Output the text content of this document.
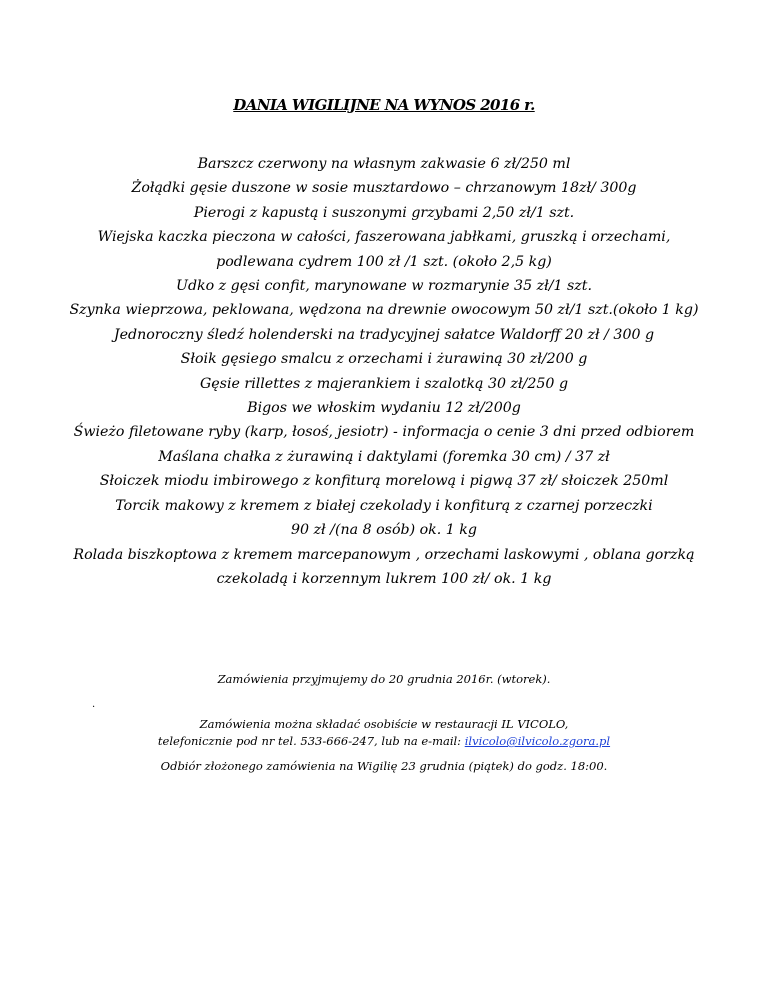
DANIA WIGILIJNE NA WYNOS 2016 r.

Barszcz czerwony na własnym zakwasie 6 zł/250 ml

Żołądki gęsie duszone w sosie musztardowo – chrzanowym 18zł/ 300g

Pierogi z kapustą i suszonymi grzybami 2,50 zł/1 szt.

Wiejska kaczka pieczona w całości, faszerowana jabłkami, gruszką i orzechami,

podlewana cydrem 100 zł /1 szt. (około 2,5 kg)

Udko z gęsi confit, marynowane w rozmarynie 35 zł/1 szt.

Szynka wieprzowa, peklowana, wędzona na drewnie owocowym 50 zł/1 szt.(około 1 kg)

Jednoroczny śledź holenderski na tradycyjnej sałatce Waldorff 20 zł / 300 g

Słoik gęsiego smalcu z orzechami i żurawiną 30 zł/200 g

Gęsie rillettes z majerankiem i szalotką 30 zł/250 g

Bigos we włoskim wydaniu 12 zł/200g

Świeżo filetowane ryby (karp, łosoś, jesiotr) - informacja o cenie 3 dni przed odbiorem

Maślana chałka z żurawiną i daktylami (foremka 30 cm) / 37 zł

Słoiczek miodu imbirowego z konfiturą morelową i pigwą 37 zł/ słoiczek 250ml

Torcik makowy z kremem z białej czekolady i konfiturą z czarnej porzeczki

90 zł /(na 8 osób) ok. 1 kg

Rolada biszkoptowa z kremem marcepanowym , orzechami laskowymi , oblana gorzką

czekoladą i korzennym lukrem 100 zł/ ok. 1 kg

Zamówienia przyjmujemy do 20 grudnia 2016r. (wtorek).
.
Zamówienia można składać osobiście w restauracji IL VICOLO,
telefonicznie pod nr tel. 533-666-247, lub na e-mail: ilvicolo@ilvicolo.zgora.pl
Odbiór złożonego zamówienia na Wigilię 23 grudnia (piątek) do godz. 18:00.
